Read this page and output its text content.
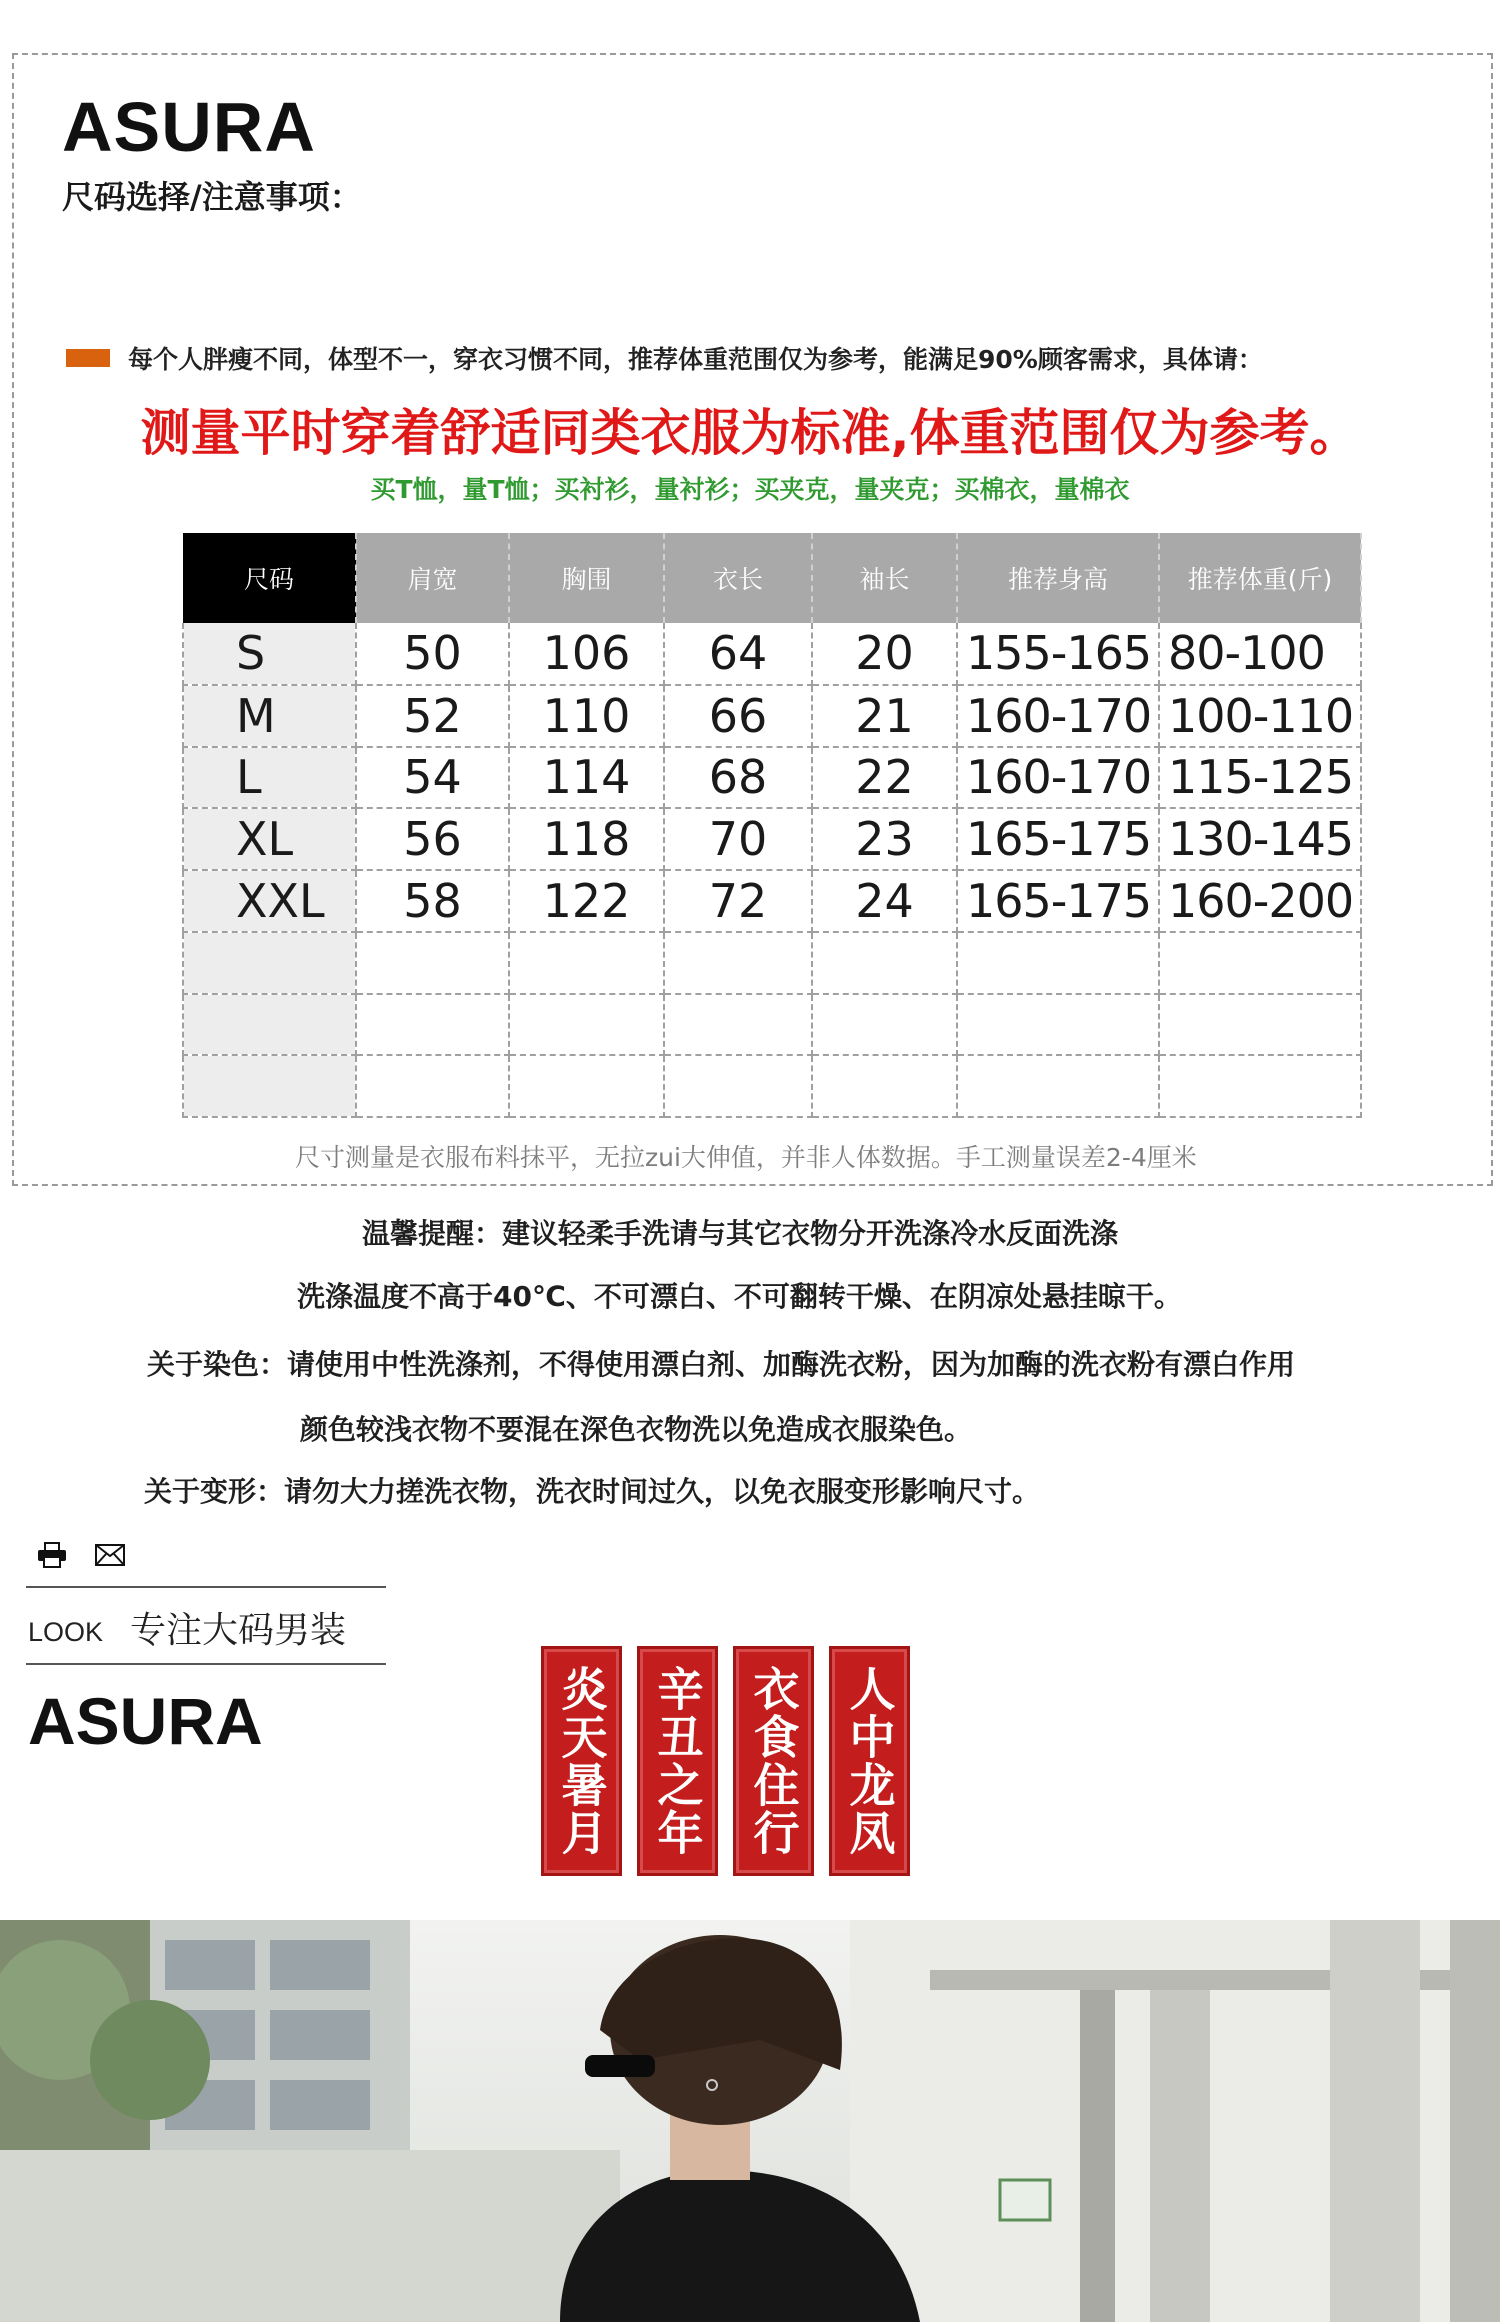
ASURA
尺码选择/注意事项：
每个人胖瘦不同，体型不一，穿衣习惯不同，推荐体重范围仅为参考，能满足90%顾客需求，具体请：
测量平时穿着舒适同类衣服为标准,体重范围仅为参考。
买T恤，量T恤；买衬衫，量衬衫；买夹克，量夹克；买棉衣，量棉衣
尺码	肩宽	胸围	衣长	袖长	推荐身高	推荐体重(斤)
S	50	106	64	20	155-165	80-100
M	52	110	66	21	160-170	100-110
L	54	114	68	22	160-170	115-125
XL	56	118	70	23	165-175	130-145
XXL	58	122	72	24	165-175	160-200

尺寸测量是衣服布料抹平，无拉zui大伸值，并非人体数据。手工测量误差2-4厘米
温馨提醒：建议轻柔手洗请与其它衣物分开洗涤冷水反面洗涤
洗涤温度不高于40℃、不可漂白、不可翻转干燥、在阴凉处悬挂晾干。
关于染色：请使用中性洗涤剂，不得使用漂白剂、加酶洗衣粉，因为加酶的洗衣粉有漂白作用
颜色较浅衣物不要混在深色衣物洗以免造成衣服染色。
关于变形：请勿大力搓洗衣物，洗衣时间过久，以免衣服变形影响尺寸。
LOOK 专注大码男装
ASURA	炎天暑月 辛丑之年 衣食住行 人中龙凤
